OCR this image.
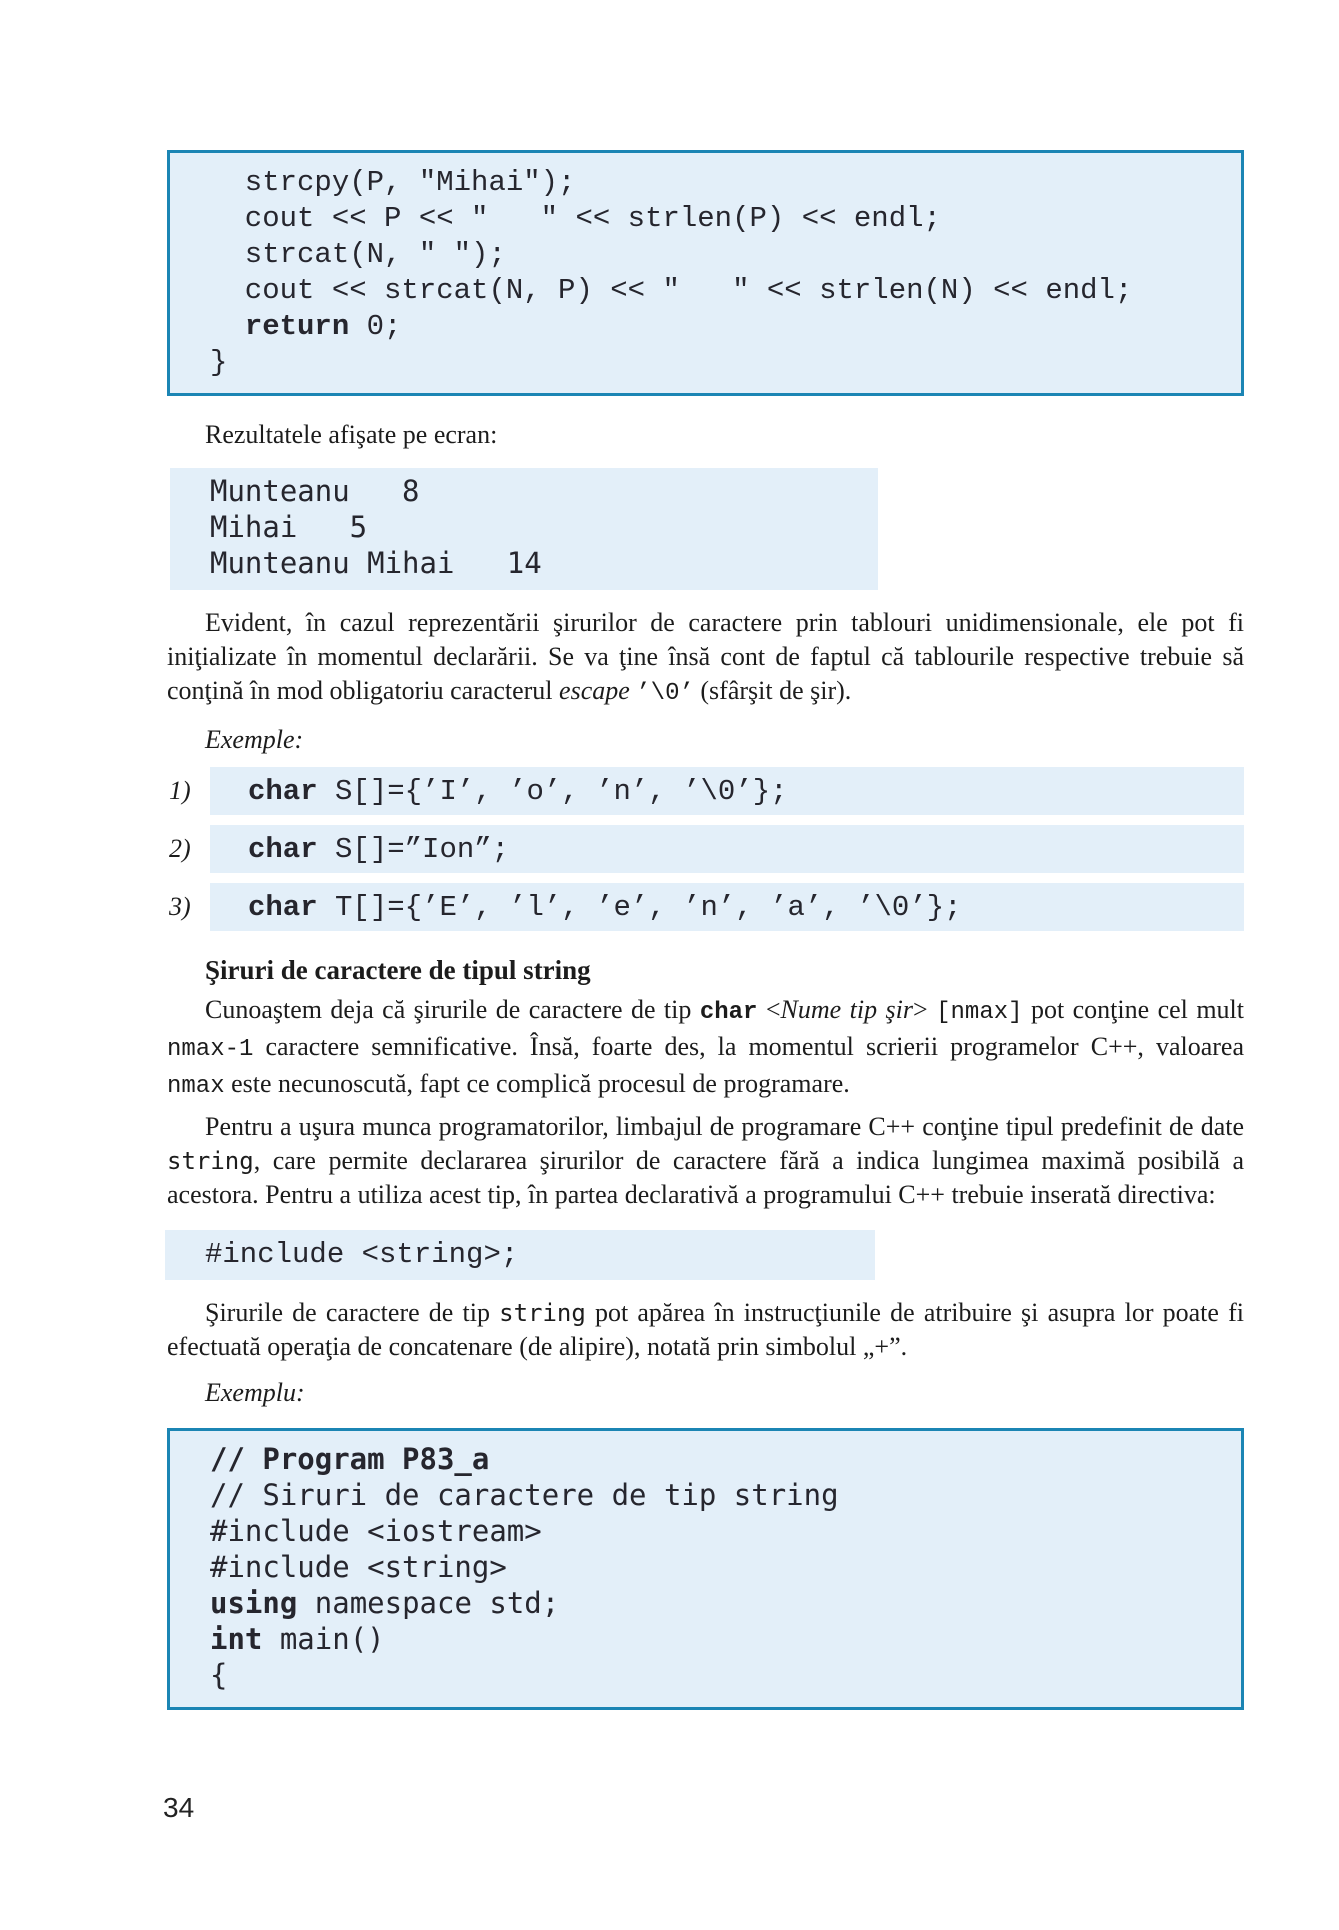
strcpy(P, "Mihai");
cout << P << "   " << strlen(P) << endl;
strcat(N, " ");
cout << strcat(N, P) << "   " << strlen(N) << endl;
return 0;
}
Rezultatele afişate pe ecran:
Munteanu   8
Mihai   5
Munteanu Mihai   14

Evident, în cazul reprezentării şirurilor de caractere prin tablouri unidimensionale, ele pot fi iniţializate în momentul declarării. Se va ţine însă cont de faptul că tablourile respective trebuie să conţină în mod obligatoriu caracterul escape ’\0’ (sfârşit de şir).

Exemple:
1)	char S[]={’I’, ’o’, ’n’, ’\0’};
2)	char S[]=”Ion”;
3)	char T[]={’E’, ’l’, ’e’, ’n’, ’a’, ’\0’};
Şiruri de caractere de tipul string

Cunoaştem deja că şirurile de caractere de tip char <Nume tip şir> [nmax] pot conţine cel mult nmax-1 caractere semnificative. Însă, foarte des, la momentul scrierii programelor C++, valoarea nmax este necunoscută, fapt ce complică procesul de programare.

Pentru a uşura munca programatorilor, limbajul de programare C++ conţine tipul predefinit de date string, care permite declararea şirurilor de caractere fără a indica lungimea maximă posibilă a acestora. Pentru a utiliza acest tip, în partea declarativă a programului C++ trebuie inserată directiva:

#include <string>;

Şirurile de caractere de tip string pot apărea în instrucţiunile de atribuire şi asupra lor poate fi efectuată operaţia de concatenare (de alipire), notată prin simbolul „+”.

Exemplu:
// Program P83_a
// Siruri de caractere de tip string
#include <iostream>
#include <string>
using namespace std;
int main()
{
34
